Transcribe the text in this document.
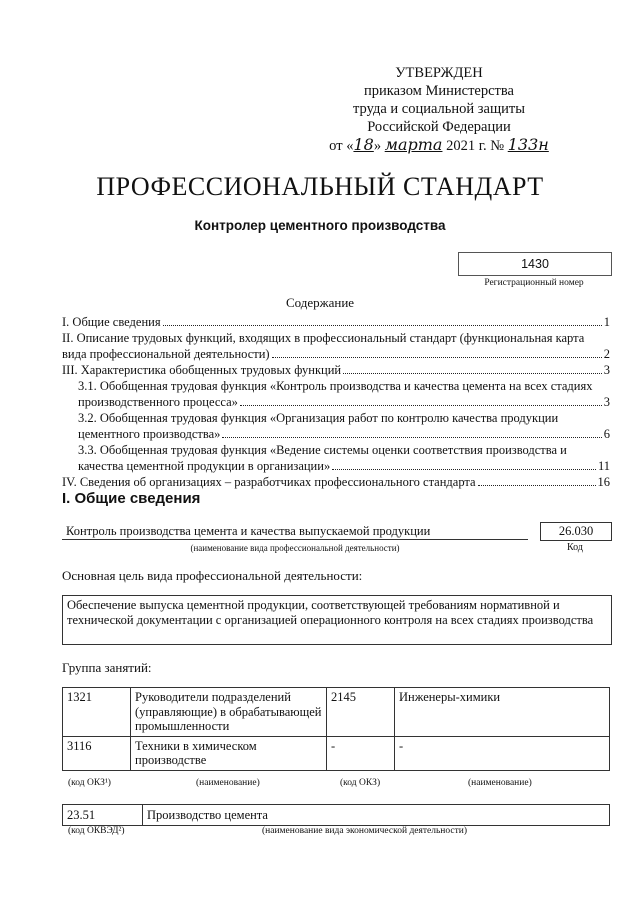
УТВЕРЖДЕН
приказом Министерства
труда и социальной защиты
Российской Федерации
от «18» марта 2021 г. № 133н
ПРОФЕССИОНАЛЬНЫЙ СТАНДАРТ
Контролер цементного производства
1430
Регистрационный номер
Содержание
I. Общие сведения	1
II. Описание трудовых функций, входящих в профессиональный стандарт (функциональная карта
вида профессиональной деятельности)	2
III. Характеристика обобщенных трудовых функций	3
3.1. Обобщенная трудовая функция «Контроль производства и качества цемента на всех стадиях
производственного процесса»	3
3.2. Обобщенная трудовая функция «Организация работ по контролю качества продукции
цементного производства»	6
3.3. Обобщенная трудовая функция «Ведение системы оценки соответствия производства и
качества цементной продукции в организации»	11
IV. Сведения об организациях – разработчиках профессионального стандарта	16
I. Общие сведения
Контроль производства цемента и качества выпускаемой продукции
(наименование вида профессиональной деятельности)
26.030
Код
Основная цель вида профессиональной деятельности:
Обеспечение выпуска цементной продукции, соответствующей требованиям нормативной и технической документации с организацией операционного контроля на всех стадиях производства
Группа занятий:
1321	Руководители подразделений (управляющие) в обрабатывающей промышленности	2145	Инженеры-химики
3116	Техники в химическом производстве	-	-
(код ОКЗ¹)	(наименование)	(код ОКЗ)	(наименование)
23.51	Производство цемента
(код ОКВЭД²)	(наименование вида экономической деятельности)
